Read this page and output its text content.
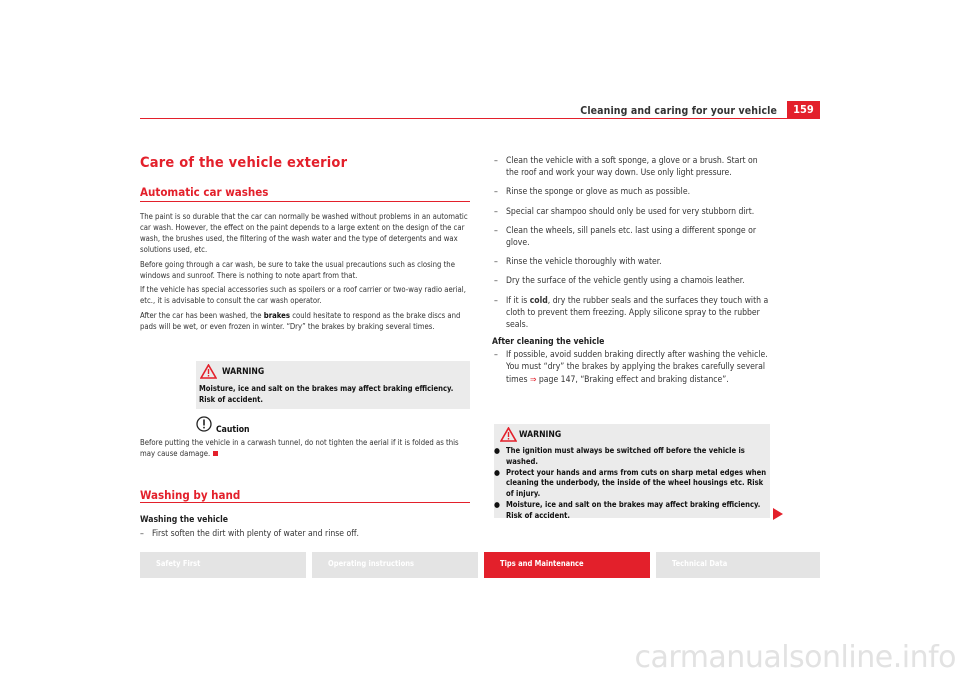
Cleaning and caring for your vehicle	159
Care of the vehicle exterior
Automatic car washes
The paint is so durable that the car can normally be washed without problems in an automatic car wash. However, the effect on the paint depends to a large extent on the design of the car wash, the brushes used, the filtering of the wash water and the type of detergents and wax solutions used, etc.
Before going through a car wash, be sure to take the usual precautions such as closing the windows and sunroof. There is nothing to note apart from that.
If the vehicle has special accessories such as spoilers or a roof carrier or two-way radio aerial, etc., it is advisable to consult the car wash operator.
After the car has been washed, the brakes could hesitate to respond as the brake discs and pads will be wet, or even frozen in winter. “Dry” the brakes by braking several times.
WARNING
Moisture, ice and salt on the brakes may affect braking efficiency. Risk of accident.
Caution
Before putting the vehicle in a carwash tunnel, do not tighten the aerial if it is folded as this may cause damage.
Washing by hand
Washing the vehicle
– First soften the dirt with plenty of water and rinse off.
– Clean the vehicle with a soft sponge, a glove or a brush. Start on the roof and work your way down. Use only light pressure.
– Rinse the sponge or glove as much as possible.
– Special car shampoo should only be used for very stubborn dirt.
– Clean the wheels, sill panels etc. last using a different sponge or glove.
– Rinse the vehicle thoroughly with water.
– Dry the surface of the vehicle gently using a chamois leather.
– If it is cold, dry the rubber seals and the surfaces they touch with a cloth to prevent them freezing. Apply silicone spray to the rubber seals.
After cleaning the vehicle
– If possible, avoid sudden braking directly after washing the vehicle. You must “dry” the brakes by applying the brakes carefully several times ⇒ page 147, “Braking effect and braking distance”.
WARNING
● The ignition must always be switched off before the vehicle is washed.
● Protect your hands and arms from cuts on sharp metal edges when cleaning the underbody, the inside of the wheel housings etc. Risk of injury.
● Moisture, ice and salt on the brakes may affect braking efficiency. Risk of accident.
Safety First	Operating instructions	Tips and Maintenance	Technical Data
carmanualsonline.info
